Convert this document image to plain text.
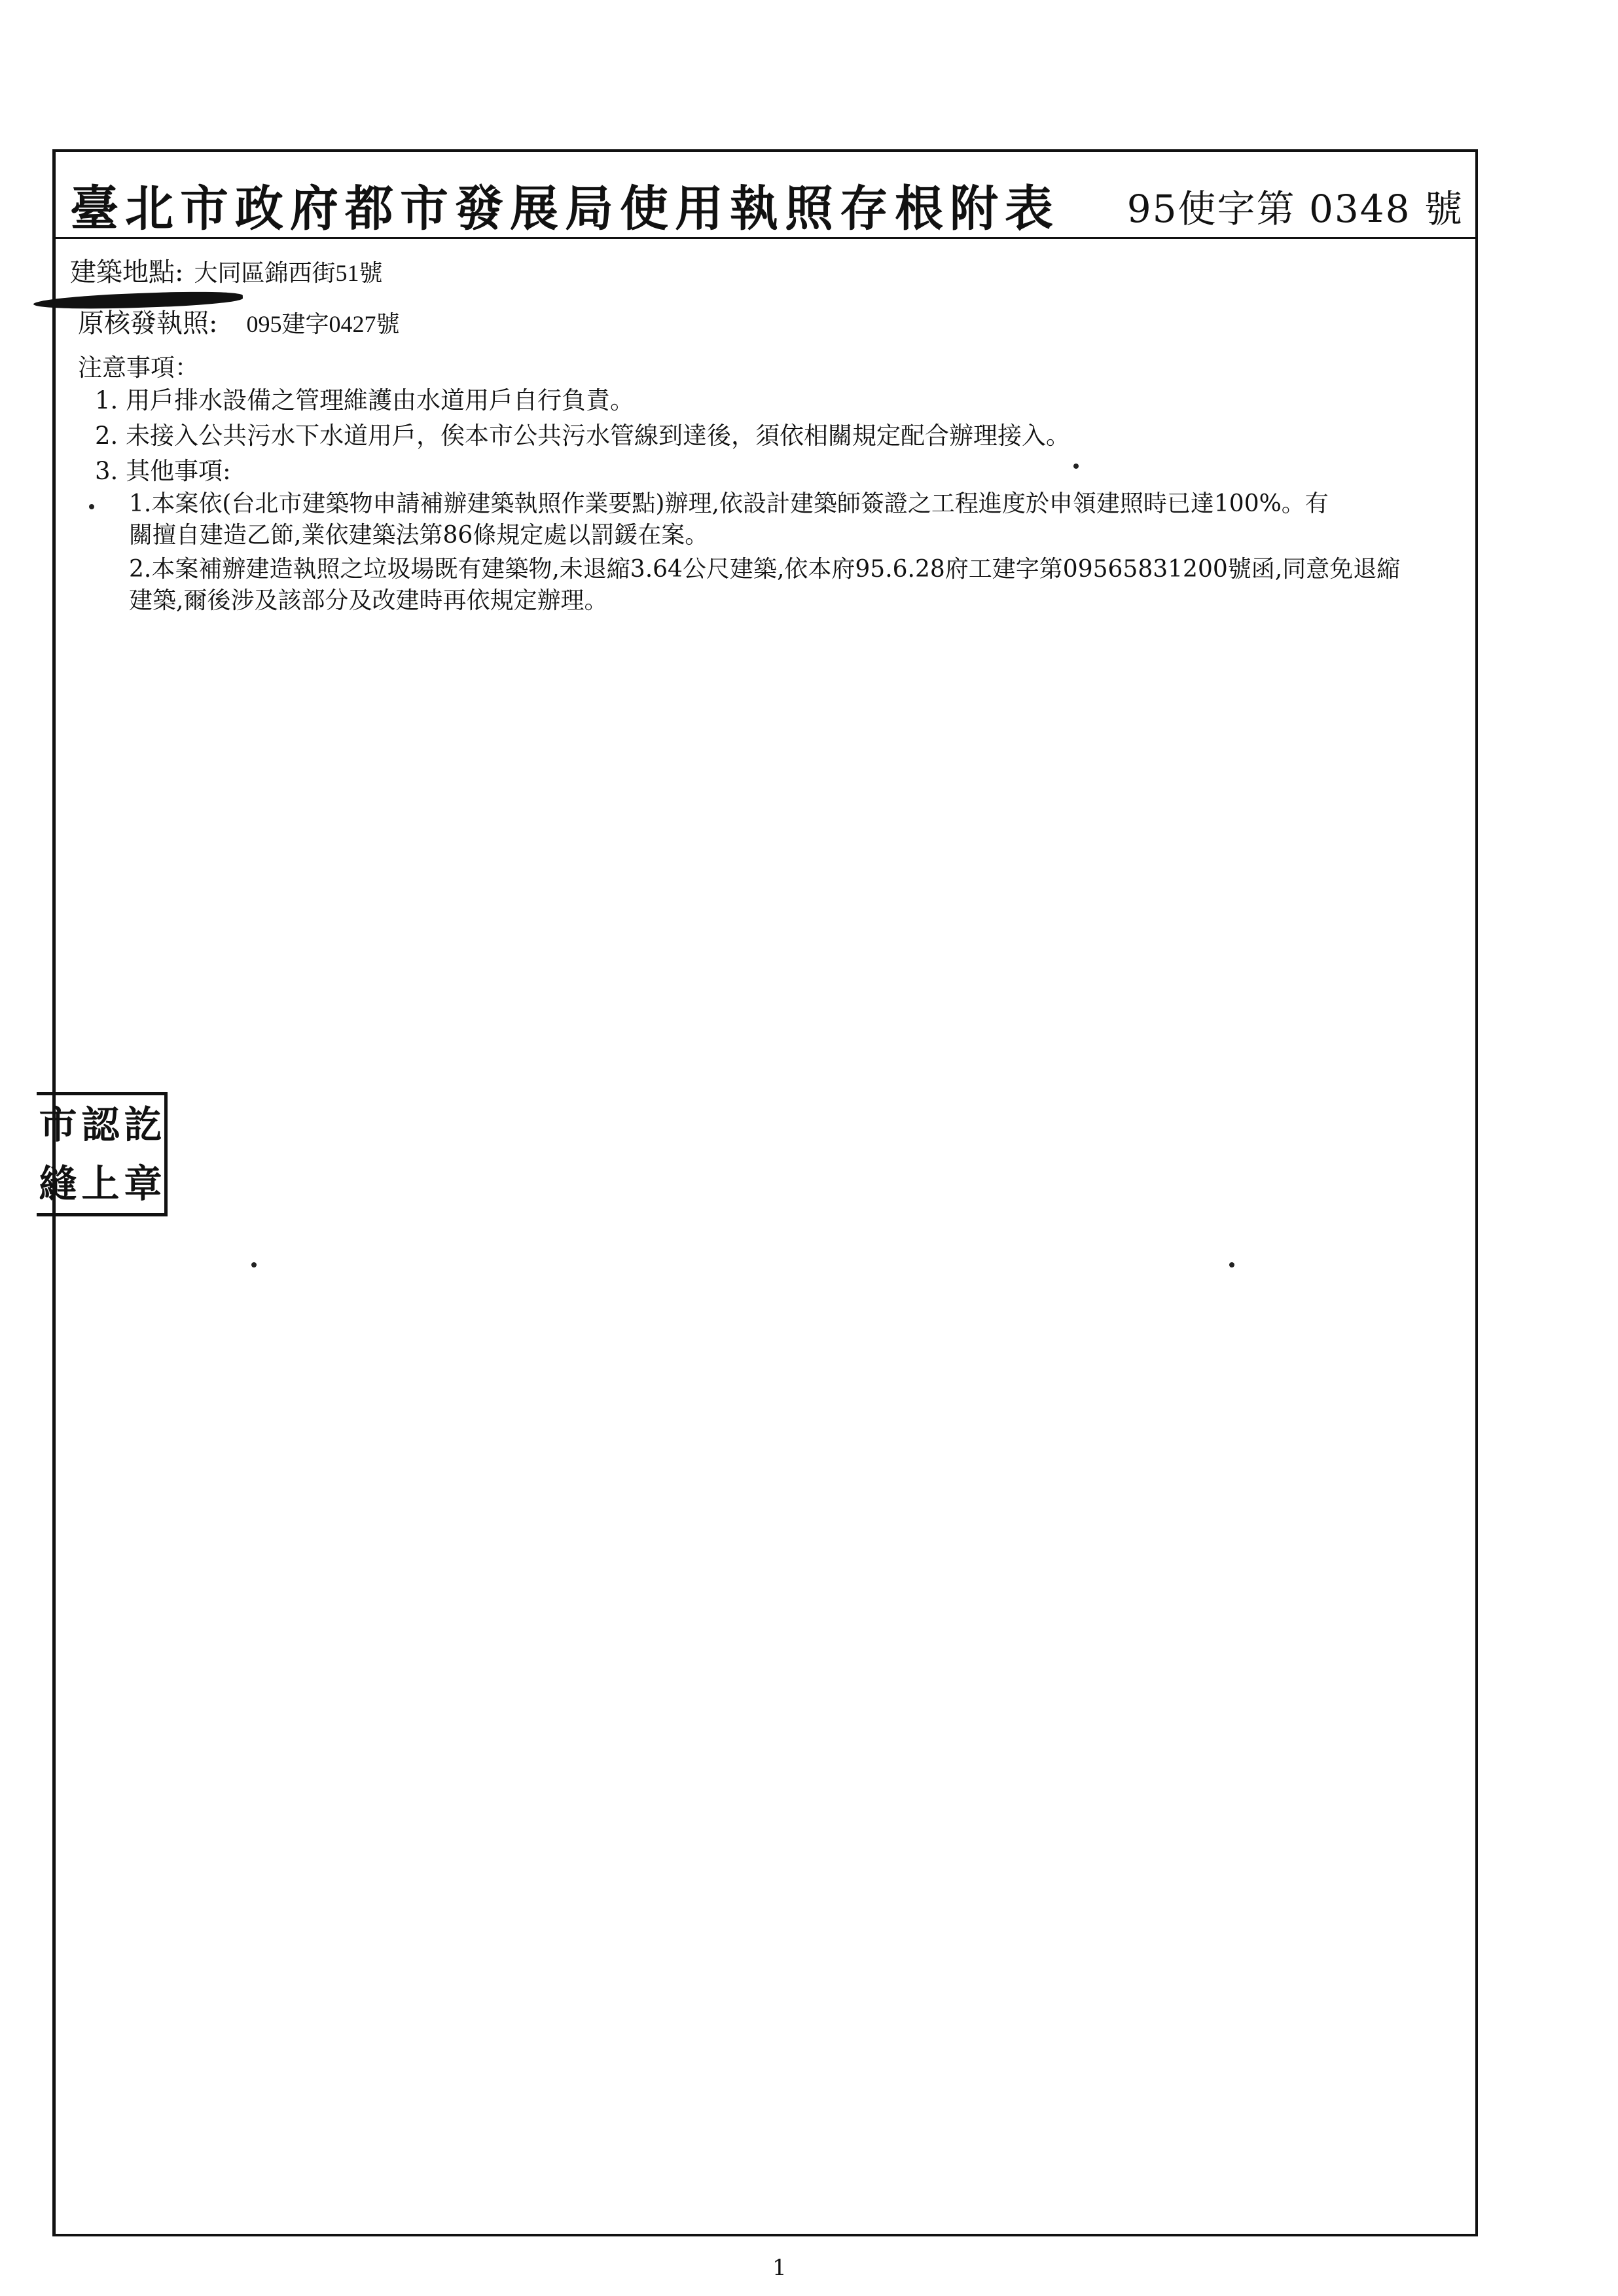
臺北市政府都市發展局使用執照存根附表 95使字第 0348 號
建築地點: 大同區錦西街51號
原核發執照: 095建字0427號
注意事項：
1. 用戶排水設備之管理維護由水道用戶自行負責。
2. 未接入公共污水下水道用戶，俟本市公共污水管線到達後，須依相關規定配合辦理接入。
3. 其他事項:
1.本案依(台北市建築物申請補辦建築執照作業要點)辦理,依設計建築師簽證之工程進度於申領建照時已達100%。有
關擅自建造乙節,業依建築法第86條規定處以罰鍰在案。
2.本案補辦建造執照之垃圾場既有建築物,未退縮3.64公尺建築,依本府95.6.28府工建字第09565831200號函,同意免退縮
建築,爾後涉及該部分及改建時再依規定辦理。
市 認 訖
縫 上 章
1
